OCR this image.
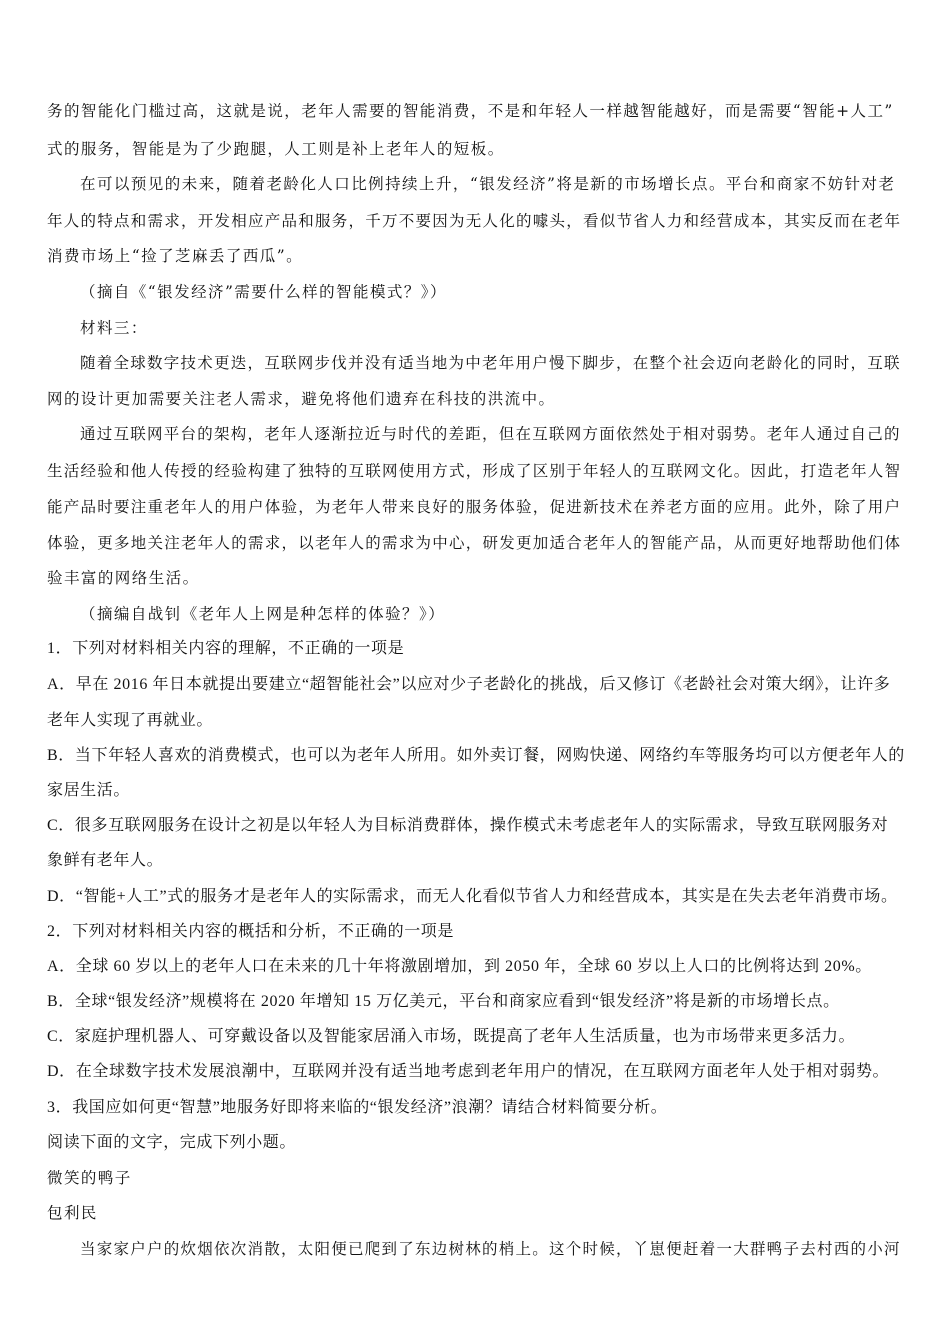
务的智能化门槛过高，这就是说，老年人需要的智能消费，不是和年轻人一样越智能越好，而是需要“智能+人工”
式的服务，智能是为了少跑腿，人工则是补上老年人的短板。
在可以预见的未来，随着老龄化人口比例持续上升，“银发经济”将是新的市场增长点。平台和商家不妨针对老
年人的特点和需求，开发相应产品和服务，千万不要因为无人化的噱头，看似节省人力和经营成本，其实反而在老年
消费市场上“捡了芝麻丢了西瓜”。
（摘自《“银发经济”需要什么样的智能模式？》）
材料三：
随着全球数字技术更迭，互联网步伐并没有适当地为中老年用户慢下脚步，在整个社会迈向老龄化的同时，互联
网的设计更加需要关注老人需求，避免将他们遗弃在科技的洪流中。
通过互联网平台的架构，老年人逐渐拉近与时代的差距，但在互联网方面依然处于相对弱势。老年人通过自己的
生活经验和他人传授的经验构建了独特的互联网使用方式，形成了区别于年轻人的互联网文化。因此，打造老年人智
能产品时要注重老年人的用户体验，为老年人带来良好的服务体验，促进新技术在养老方面的应用。此外，除了用户
体验，更多地关注老年人的需求，以老年人的需求为中心，研发更加适合老年人的智能产品，从而更好地帮助他们体
验丰富的网络生活。
（摘编自战钊《老年人上网是种怎样的体验？》）
1．下列对材料相关内容的理解，不正确的一项是
A．早在 2016 年日本就提出要建立“超智能社会”以应对少子老龄化的挑战，后又修订《老龄社会对策大纲》，让许多
老年人实现了再就业。
B．当下年轻人喜欢的消费模式，也可以为老年人所用。如外卖订餐，网购快递、网络约车等服务均可以方便老年人的
家居生活。
C．很多互联网服务在设计之初是以年轻人为目标消费群体，操作模式未考虑老年人的实际需求，导致互联网服务对
象鲜有老年人。
D．“智能+人工”式的服务才是老年人的实际需求，而无人化看似节省人力和经营成本，其实是在失去老年消费市场。
2．下列对材料相关内容的概括和分析，不正确的一项是
A．全球 60 岁以上的老年人口在未来的几十年将激剧增加，到 2050 年，全球 60 岁以上人口的比例将达到 20%。
B．全球“银发经济”规模将在 2020 年增知 15 万亿美元，平台和商家应看到“银发经济”将是新的市场增长点。
C．家庭护理机器人、可穿戴设备以及智能家居涌入市场，既提高了老年人生活质量，也为市场带来更多活力。
D．在全球数字技术发展浪潮中，互联网并没有适当地考虑到老年用户的情况，在互联网方面老年人处于相对弱势。
3．我国应如何更“智慧”地服务好即将来临的“银发经济”浪潮？请结合材料简要分析。
阅读下面的文字，完成下列小题。
微笑的鸭子
包利民
当家家户户的炊烟依次消散，太阳便已爬到了东边树林的梢上。这个时候，丫崽便赶着一大群鸭子去村西的小河
